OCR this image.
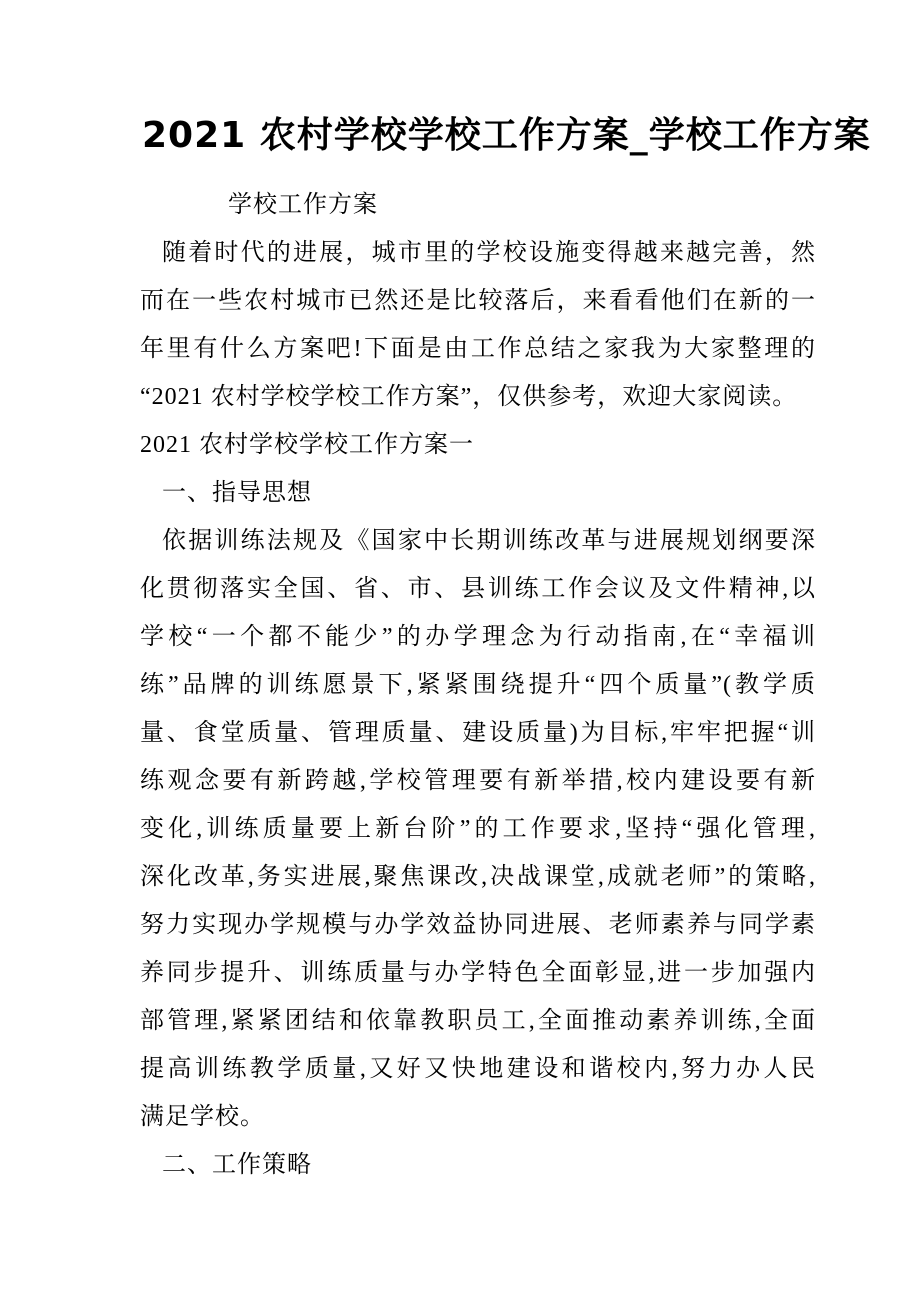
2021 农村学校学校工作方案_学校工作方案
学校工作方案
随着时代的进展，城市里的学校设施变得越来越完善，然
而在一些农村城市已然还是比较落后，来看看他们在新的一
年里有什么方案吧!下面是由工作总结之家我为大家整理的
“2021 农村学校学校工作方案”，仅供参考，欢迎大家阅读。
2021 农村学校学校工作方案一
一、指导思想
依据训练法规及《国家中长期训练改革与进展规划纲要深
化贯彻落实全国、省、市、县训练工作会议及文件精神,以
学校“一个都不能少”的办学理念为行动指南,在“幸福训
练”品牌的训练愿景下,紧紧围绕提升“四个质量”(教学质
量、食堂质量、管理质量、建设质量)为目标,牢牢把握“训
练观念要有新跨越,学校管理要有新举措,校内建设要有新
变化,训练质量要上新台阶”的工作要求,坚持“强化管理,
深化改革,务实进展,聚焦课改,决战课堂,成就老师”的策略,
努力实现办学规模与办学效益协同进展、老师素养与同学素
养同步提升、训练质量与办学特色全面彰显,进一步加强内
部管理,紧紧团结和依靠教职员工,全面推动素养训练,全面
提高训练教学质量,又好又快地建设和谐校内,努力办人民
满足学校。
二、工作策略
